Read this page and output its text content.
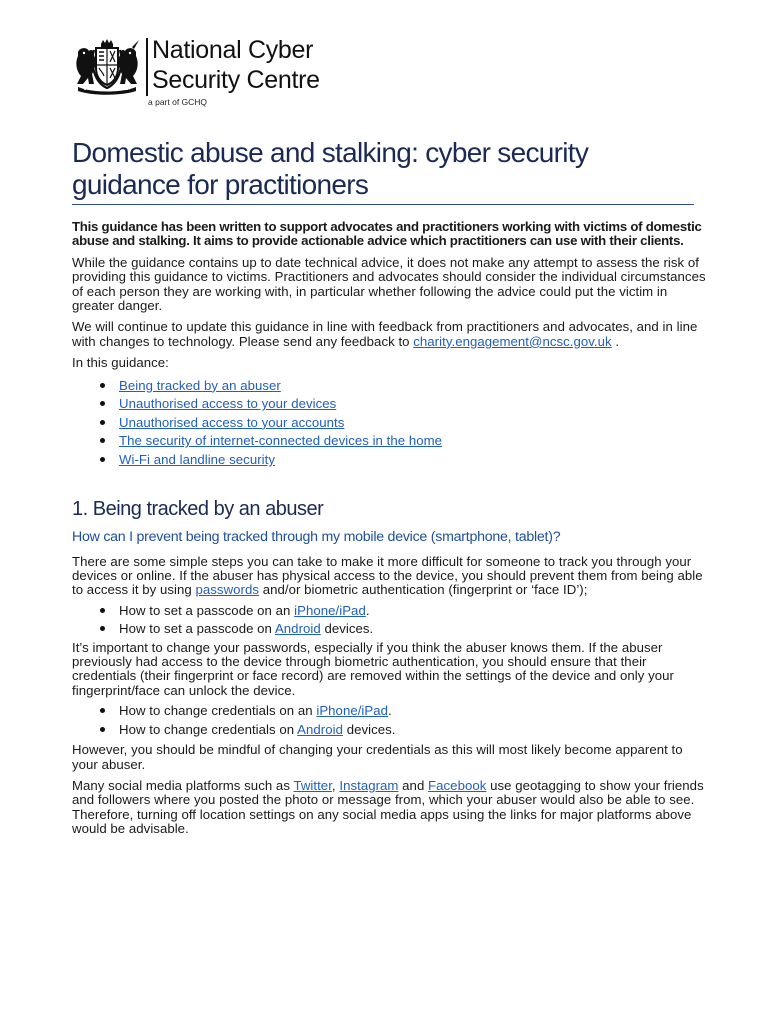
National Cyber
Security Centre
a part of GCHQ
Domestic abuse and stalking: cyber security guidance for practitioners

This guidance has been written to support advocates and practitioners working with victims of domestic abuse and stalking. It aims to provide actionable advice which practitioners can use with their clients.

While the guidance contains up to date technical advice, it does not make any attempt to assess the risk of providing this guidance to victims. Practitioners and advocates should consider the individual circumstances of each person they are working with, in particular whether following the advice could put the victim in greater danger.

We will continue to update this guidance in line with feedback from practitioners and advocates, and in line with changes to technology. Please send any feedback to charity.engagement@ncsc.gov.uk .

In this guidance:

Being tracked by an abuser
Unauthorised access to your devices
Unauthorised access to your accounts
The security of internet-connected devices in the home
Wi-Fi and landline security
1. Being tracked by an abuser
How can I prevent being tracked through my mobile device (smartphone, tablet)?

There are some simple steps you can take to make it more difficult for someone to track you through your devices or online. If the abuser has physical access to the device, you should prevent them from being able to access it by using passwords and/or biometric authentication (fingerprint or ‘face ID’);

How to set a passcode on an iPhone/iPad.
How to set a passcode on Android devices.

It’s important to change your passwords, especially if you think the abuser knows them. If the abuser previously had access to the device through biometric authentication, you should ensure that their credentials (their fingerprint or face record) are removed within the settings of the device and only your fingerprint/face can unlock the device.

How to change credentials on an iPhone/iPad.
How to change credentials on Android devices.

However, you should be mindful of changing your credentials as this will most likely become apparent to your abuser.

Many social media platforms such as Twitter, Instagram and Facebook use geotagging to show your friends and followers where you posted the photo or message from, which your abuser would also be able to see. Therefore, turning off location settings on any social media apps using the links for major platforms above would be advisable.
